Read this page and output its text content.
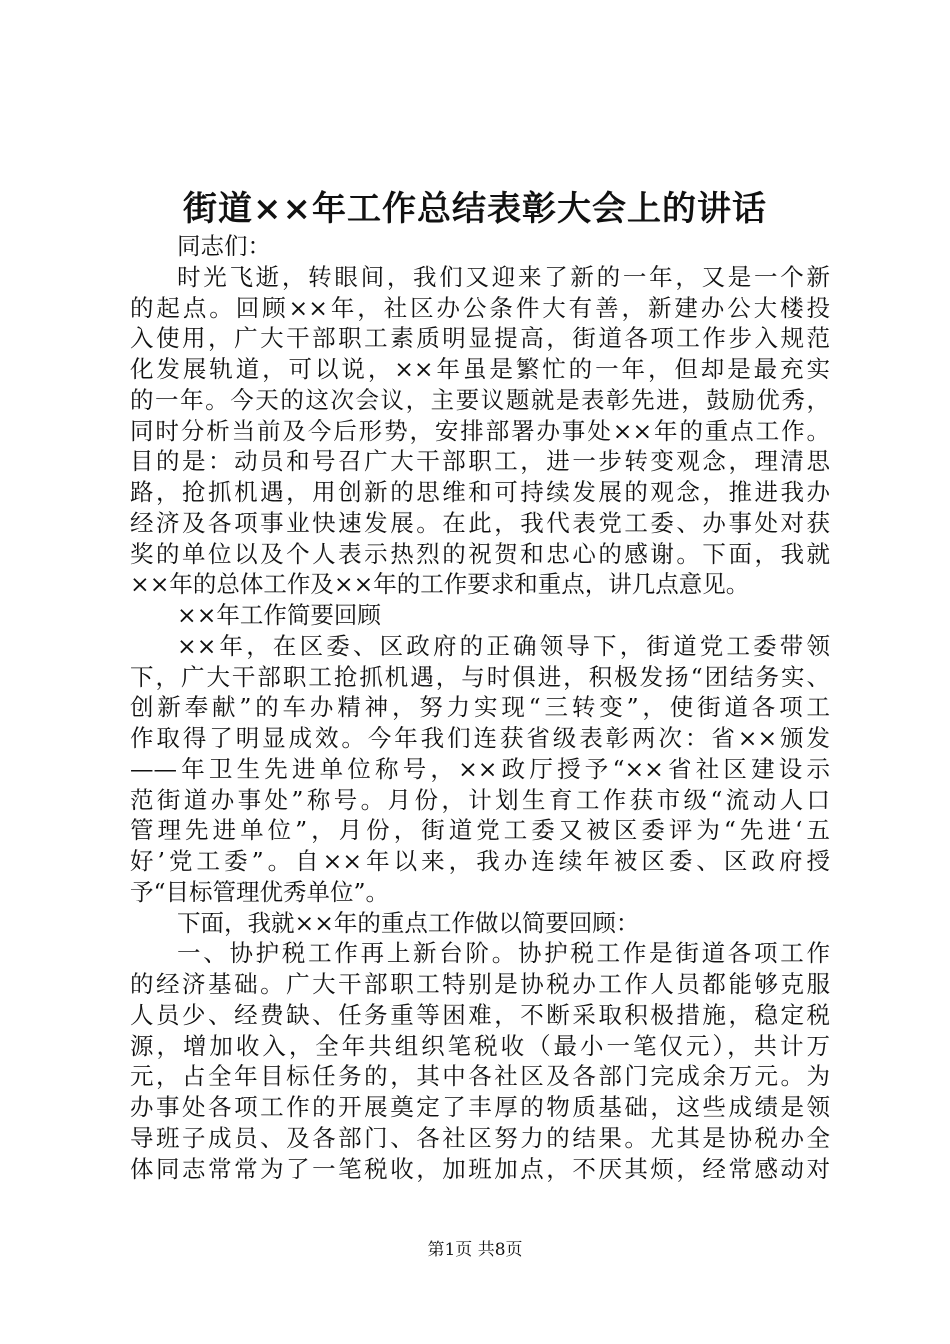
街道××年工作总结表彰大会上的讲话
同志们：
时光飞逝，转眼间，我们又迎来了新的一年，又是一个新
的起点。回顾××年，社区办公条件大有善，新建办公大楼投
入使用，广大干部职工素质明显提高，街道各项工作步入规范
化发展轨道，可以说，××年虽是繁忙的一年，但却是最充实
的一年。今天的这次会议，主要议题就是表彰先进，鼓励优秀，
同时分析当前及今后形势，安排部署办事处××年的重点工作。
目的是：动员和号召广大干部职工，进一步转变观念，理清思
路，抢抓机遇，用创新的思维和可持续发展的观念，推进我办
经济及各项事业快速发展。在此，我代表党工委、办事处对获
奖的单位以及个人表示热烈的祝贺和忠心的感谢。下面，我就
××年的总体工作及××年的工作要求和重点，讲几点意见。
××年工作简要回顾
××年，在区委、区政府的正确领导下，街道党工委带领
下，广大干部职工抢抓机遇，与时俱进，积极发扬“团结务实、
创新奉献”的车办精神，努力实现“三转变”，使街道各项工
作取得了明显成效。今年我们连获省级表彰两次：省××颁发
——年卫生先进单位称号，××政厅授予“××省社区建设示
范街道办事处”称号。月份，计划生育工作获市级“流动人口
管理先进单位”，月份，街道党工委又被区委评为“先进‘五
好’党工委”。自××年以来，我办连续年被区委、区政府授
予“目标管理优秀单位”。
下面，我就××年的重点工作做以简要回顾：
一、协护税工作再上新台阶。协护税工作是街道各项工作
的经济基础。广大干部职工特别是协税办工作人员都能够克服
人员少、经费缺、任务重等困难，不断采取积极措施，稳定税
源，增加收入，全年共组织笔税收（最小一笔仅元），共计万
元，占全年目标任务的，其中各社区及各部门完成余万元。为
办事处各项工作的开展奠定了丰厚的物质基础，这些成绩是领
导班子成员、及各部门、各社区努力的结果。尤其是协税办全
体同志常常为了一笔税收，加班加点，不厌其烦，经常感动对
第1页 共8页
